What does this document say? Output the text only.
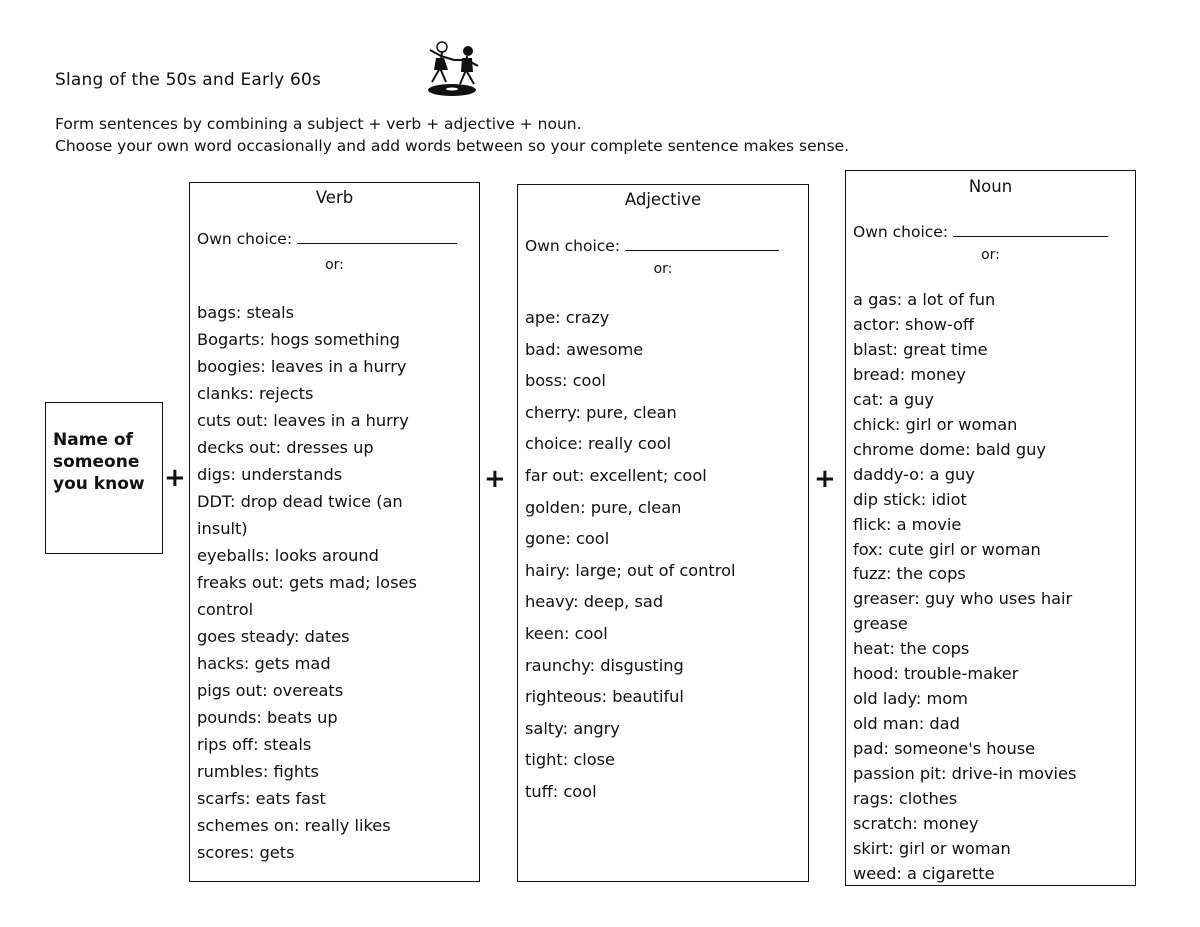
Slang of the 50s and Early 60s
Form sentences by combining a subject + verb + adjective + noun.
Choose your own word occasionally and add words between so your complete sentence makes sense.
Name of
someone
you know +	+	+
Verb
Own choice:
or:
bags: steals
Bogarts: hogs something
boogies: leaves in a hurry
clanks: rejects
cuts out: leaves in a hurry
decks out: dresses up
digs: understands
DDT: drop dead twice (an
insult)
eyeballs: looks around
freaks out: gets mad; loses
control
goes steady: dates
hacks: gets mad
pigs out: overeats
pounds: beats up
rips off: steals
rumbles: fights
scarfs: eats fast
schemes on: really likes
scores: gets
Adjective
Own choice:
or:
ape: crazy
bad: awesome
boss: cool
cherry: pure, clean
choice: really cool
far out: excellent; cool
golden: pure, clean
gone: cool
hairy: large; out of control
heavy: deep, sad
keen: cool
raunchy: disgusting
righteous: beautiful
salty: angry
tight: close
tuff: cool
Noun
Own choice:
or:
a gas: a lot of fun
actor: show-off
blast: great time
bread: money
cat: a guy
chick: girl or woman
chrome dome: bald guy
daddy-o: a guy
dip stick: idiot
flick: a movie
fox: cute girl or woman
fuzz: the cops
greaser: guy who uses hair
grease
heat: the cops
hood: trouble-maker
old lady: mom
old man: dad
pad: someone's house
passion pit: drive-in movies
rags: clothes
scratch: money
skirt: girl or woman
weed: a cigarette
